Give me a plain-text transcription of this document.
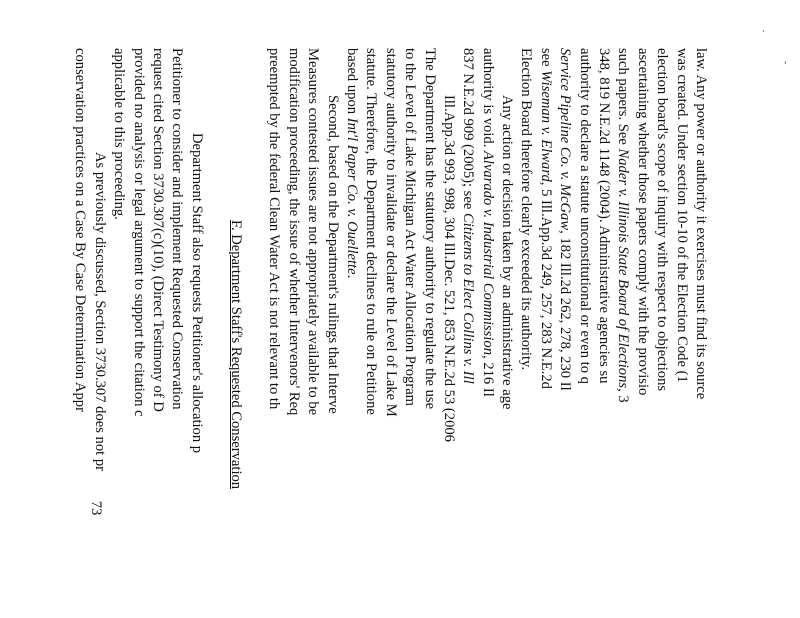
·
'
law. Any power or authority it exercises must find its source
was created. Under section 10-10 of the Election Code (1
election board's scope of inquiry with respect to objections
ascertaining whether those papers comply with the provisio
such papers. See Nader v. Illinois State Board of Elections, 3
348, 819 N.E.2d 1148 (2004). Administrative agencies su
authority to declare a statute unconstitutional or even to q
Service Pipeline Co. v. McGaw, 182 Ill.2d 262, 278, 230 Il
see Wiseman v. Elward, 5 Ill.App.3d 249, 257, 283 N.E.2d
Election Board therefore clearly exceeded its authority.
Any action or decision taken by an administrative age
authority is void. Alvarado v. Industrial Commission, 216 Il
837 N.E.2d 909 (2005); see Citizens to Elect Collins v. Ill
Ill.App.3d 993, 998, 304 Ill.Dec. 521, 853 N.E.2d 53 (2006
The Department has the statutory authority to regulate the use
to the Level of Lake Michigan Act Water Allocation Program
statutory authority to invalidate or declare the Level of Lake M
statute. Therefore, the Department declines to rule on Petitione
based upon Int'l Paper Co. v. Ouellette.
Second, based on the Department's rulings that Interve
Measures contested issues are not appropriately available to be
modification proceeding, the issue of whether Intervenors' Req
preempted by the federal Clean Water Act is not relevant to th
F. Department Staff's Requested Conservation
Department Staff also requests Petitioner's allocation p
Petitioner to consider and implement Requested Conservation
request cited Section 3730.307(c)(10), (Direct Testimony of D
provided no analysis or legal argument to support the citation c
applicable to this proceeding.
As previously discussed, Section 3730.307 does not pr
conservation practices on a Case By Case Determination Appr
73
